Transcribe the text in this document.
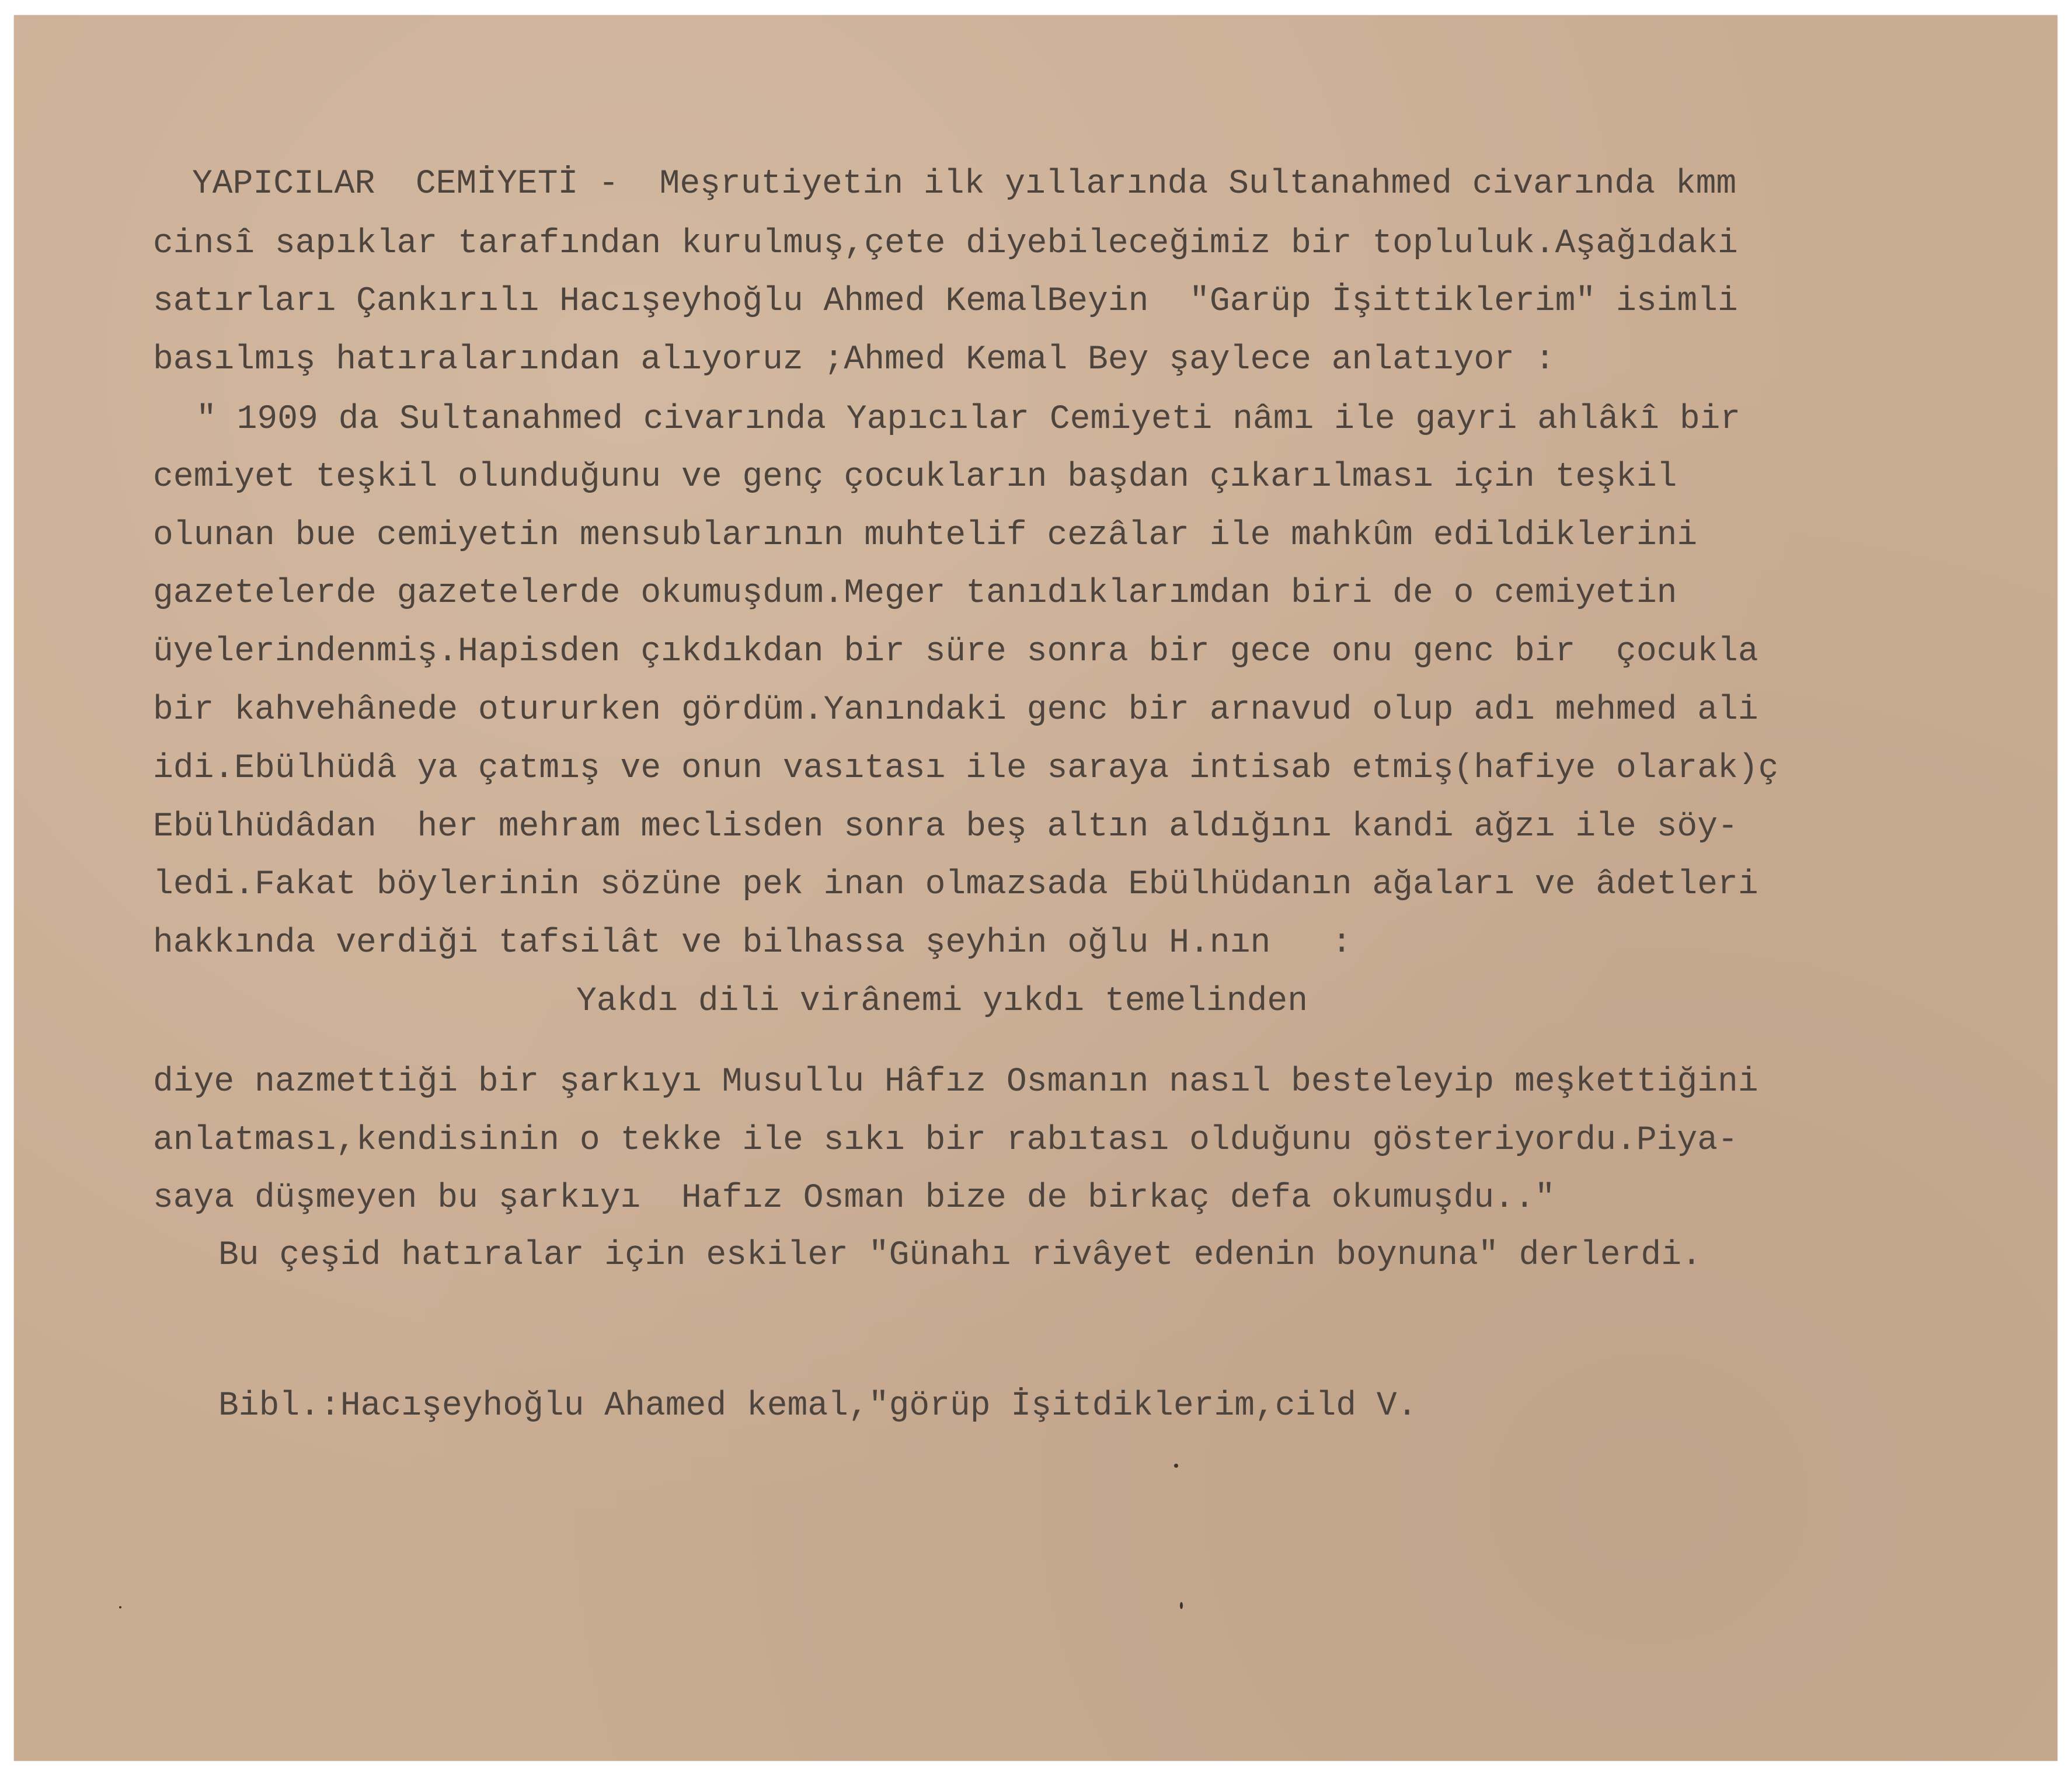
YAPICILAR  CEMİYETİ -  Meşrutiyetin ilk yıllarında Sultanahmed civarında kmm

cinsî sapıklar tarafından kurulmuş,çete diyebileceğimiz bir topluluk.Aşağıdaki

satırları Çankırılı Hacışeyhoğlu Ahmed KemalBeyin  "Garüp İşittiklerim" isimli

basılmış hatıralarından alıyoruz ;Ahmed Kemal Bey şaylece anlatıyor :

" 1909 da Sultanahmed civarında Yapıcılar Cemiyeti nâmı ile gayri ahlâkî bir

cemiyet teşkil olunduğunu ve genç çocukların başdan çıkarılması için teşkil

olunan bue cemiyetin mensublarının muhtelif cezâlar ile mahkûm edildiklerini

gazetelerde gazetelerde okumuşdum.Meger tanıdıklarımdan biri de o cemiyetin

üyelerindenmiş.Hapisden çıkdıkdan bir süre sonra bir gece onu genc bir  çocukla

bir kahvehânede otururken gördüm.Yanındaki genc bir arnavud olup adı mehmed ali

idi.Ebülhüdâ ya çatmış ve onun vasıtası ile saraya intisab etmiş(hafiye olarak)ç

Ebülhüdâdan  her mehram meclisden sonra beş altın aldığını kandi ağzı ile söy-

ledi.Fakat böylerinin sözüne pek inan olmazsada Ebülhüdanın ağaları ve âdetleri

hakkında verdiği tafsilât ve bilhassa şeyhin oğlu H.nın   :

Yakdı dili virânemi yıkdı temelinden

diye nazmettiği bir şarkıyı Musullu Hâfız Osmanın nasıl besteleyip meşkettiğini

anlatması,kendisinin o tekke ile sıkı bir rabıtası olduğunu gösteriyordu.Piya-

saya düşmeyen bu şarkıyı  Hafız Osman bize de birkaç defa okumuşdu.."

Bu çeşid hatıralar için eskiler "Günahı rivâyet edenin boynuna" derlerdi.

Bibl.:Hacışeyhoğlu Ahamed kemal,"görüp İşitdiklerim,cild V.
